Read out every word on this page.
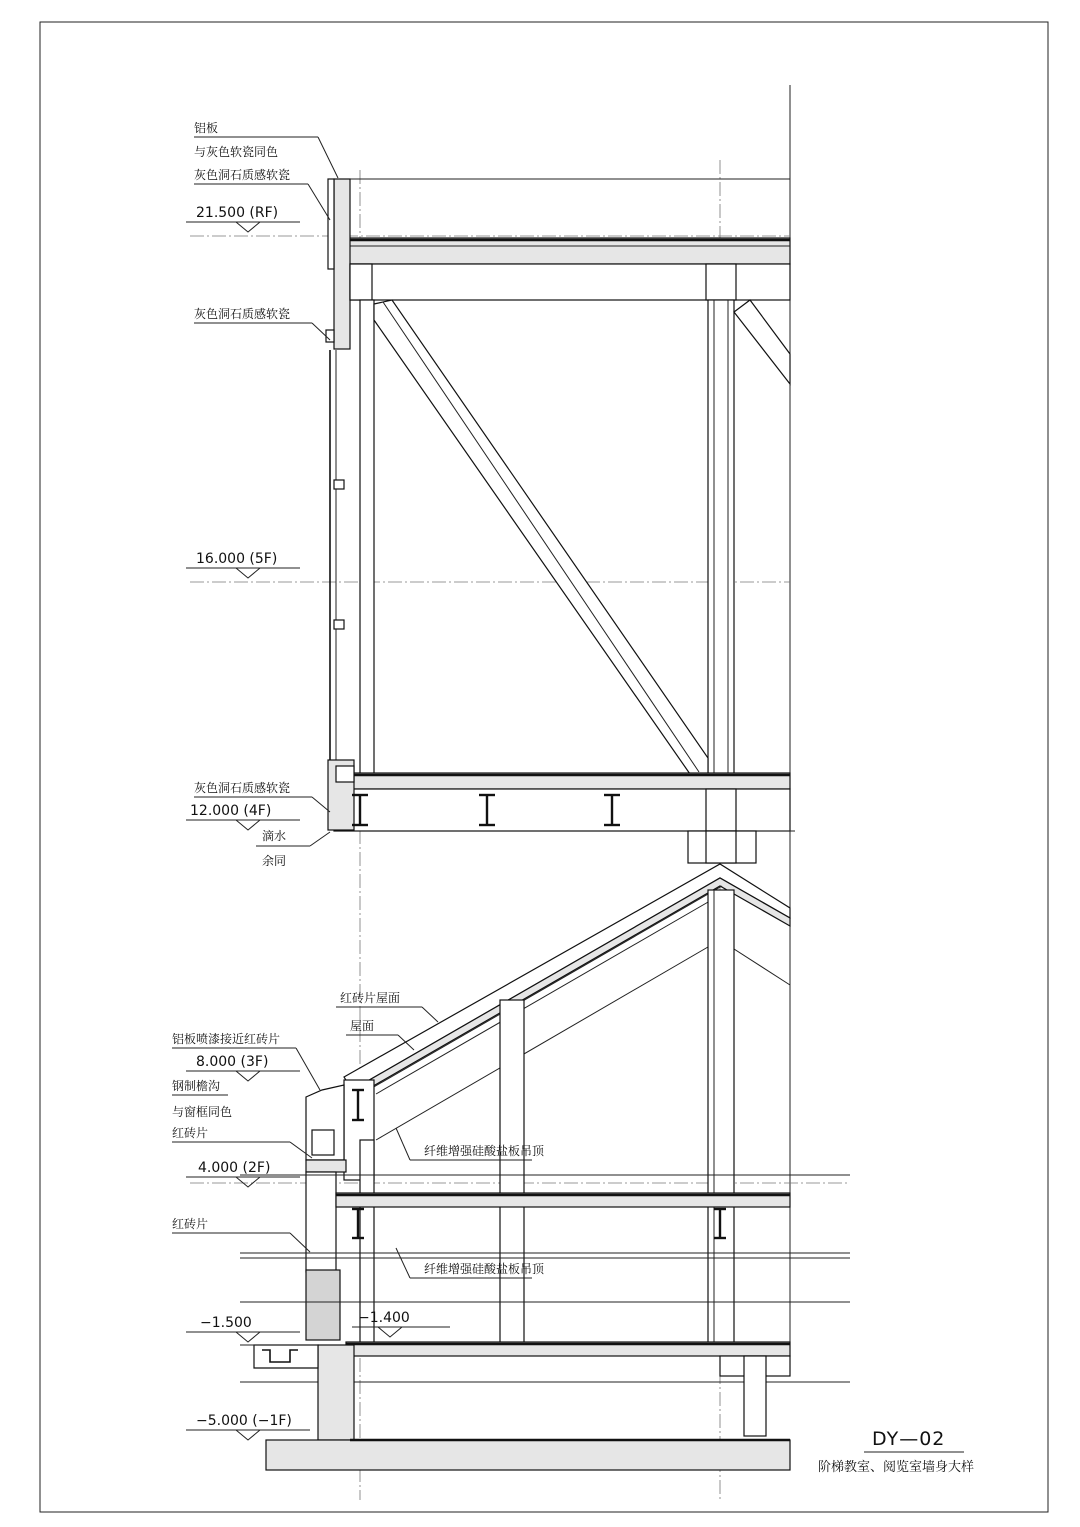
21.500 (RF)
16.000 (5F)
12.000 (4F)
8.000 (3F)
4.000 (2F)
−1.500	−1.400
−5.000 (−1F)
铝板
与灰色软瓷同色
灰色洞石质感软瓷
灰色洞石质感软瓷
灰色洞石质感软瓷
滴水
余同
红砖片屋面
屋面
铝板喷漆接近红砖片
钢制檐沟
与窗框同色
红砖片
红砖片
纤维增强硅酸盐板吊顶
纤维增强硅酸盐板吊顶
DY—02
阶梯教室、阅览室墙身大样
